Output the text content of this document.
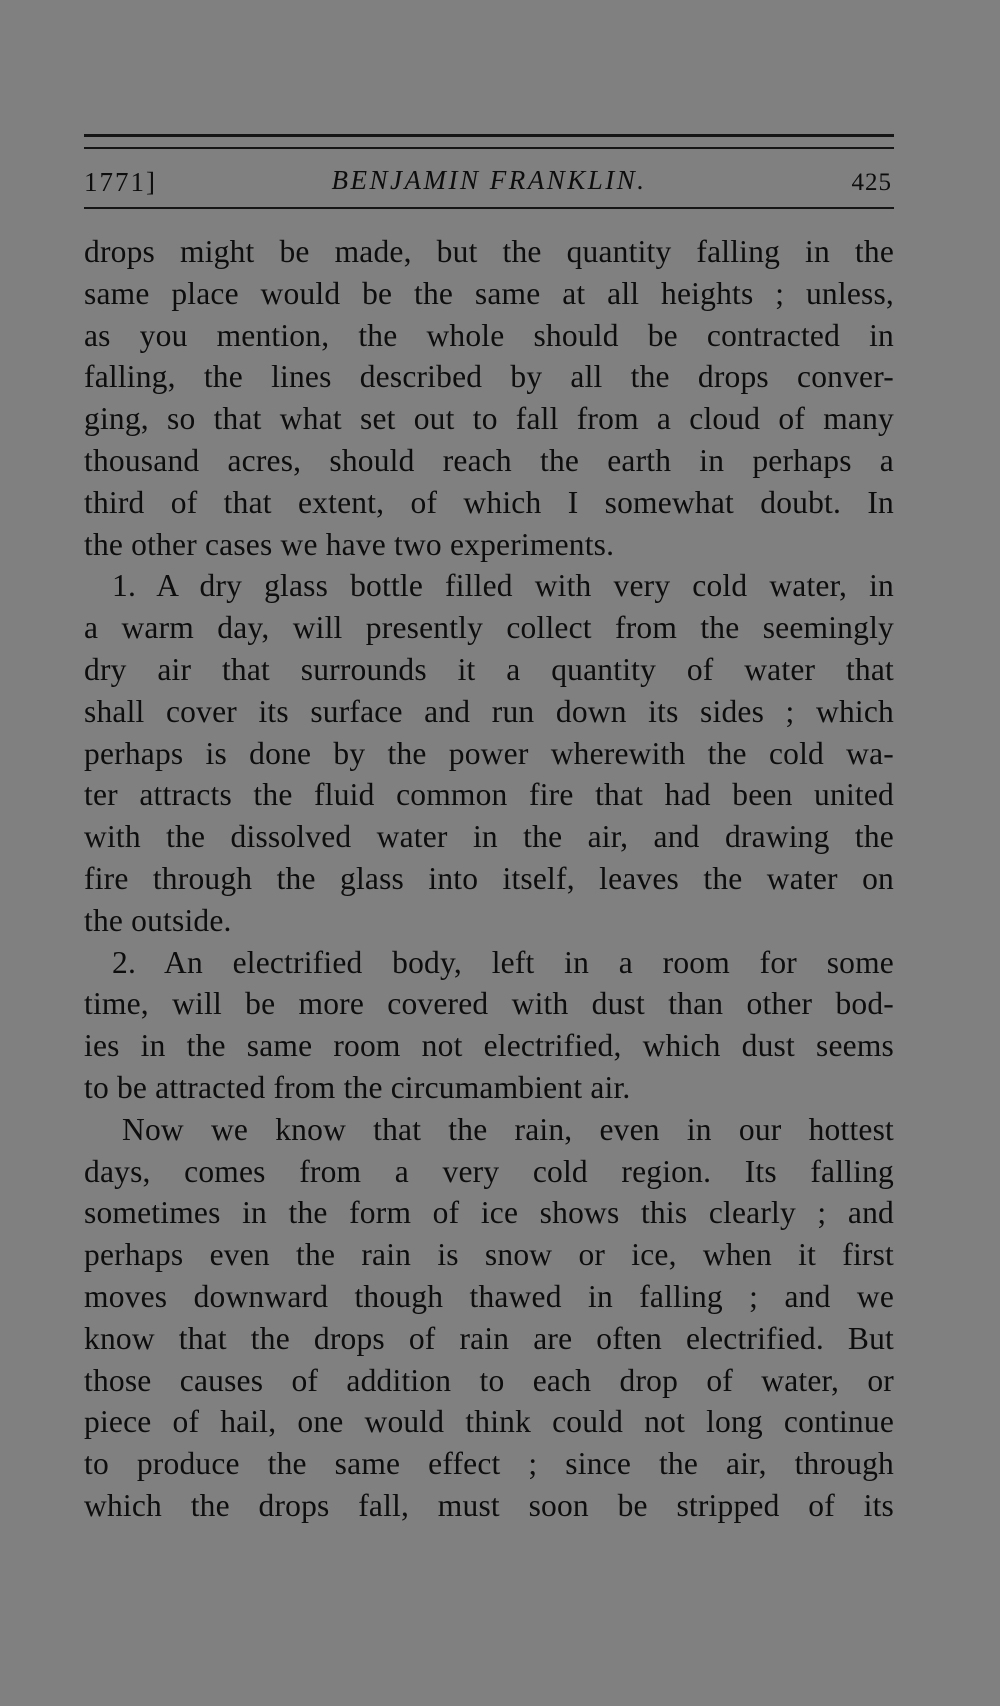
1771]	BENJAMIN FRANKLIN.	425
drops might be made, but the quantity falling in the
same place would be the same at all heights ; unless,
as you mention, the whole should be contracted in
falling, the lines described by all the drops conver-
ging, so that what set out to fall from a cloud of many
thousand acres, should reach the earth in perhaps a
third of that extent, of which I somewhat doubt. In
the other cases we have two experiments.
1. A dry glass bottle filled with very cold water, in
a warm day, will presently collect from the seemingly
dry air that surrounds it a quantity of water that
shall cover its surface and run down its sides ; which
perhaps is done by the power wherewith the cold wa-
ter attracts the fluid common fire that had been united
with the dissolved water in the air, and drawing the
fire through the glass into itself, leaves the water on
the outside.
2. An electrified body, left in a room for some
time, will be more covered with dust than other bod-
ies in the same room not electrified, which dust seems
to be attracted from the circumambient air.
Now we know that the rain, even in our hottest
days, comes from a very cold region. Its falling
sometimes in the form of ice shows this clearly ; and
perhaps even the rain is snow or ice, when it first
moves downward though thawed in falling ; and we
know that the drops of rain are often electrified. But
those causes of addition to each drop of water, or
piece of hail, one would think could not long continue
to produce the same effect ; since the air, through
which the drops fall, must soon be stripped of its
